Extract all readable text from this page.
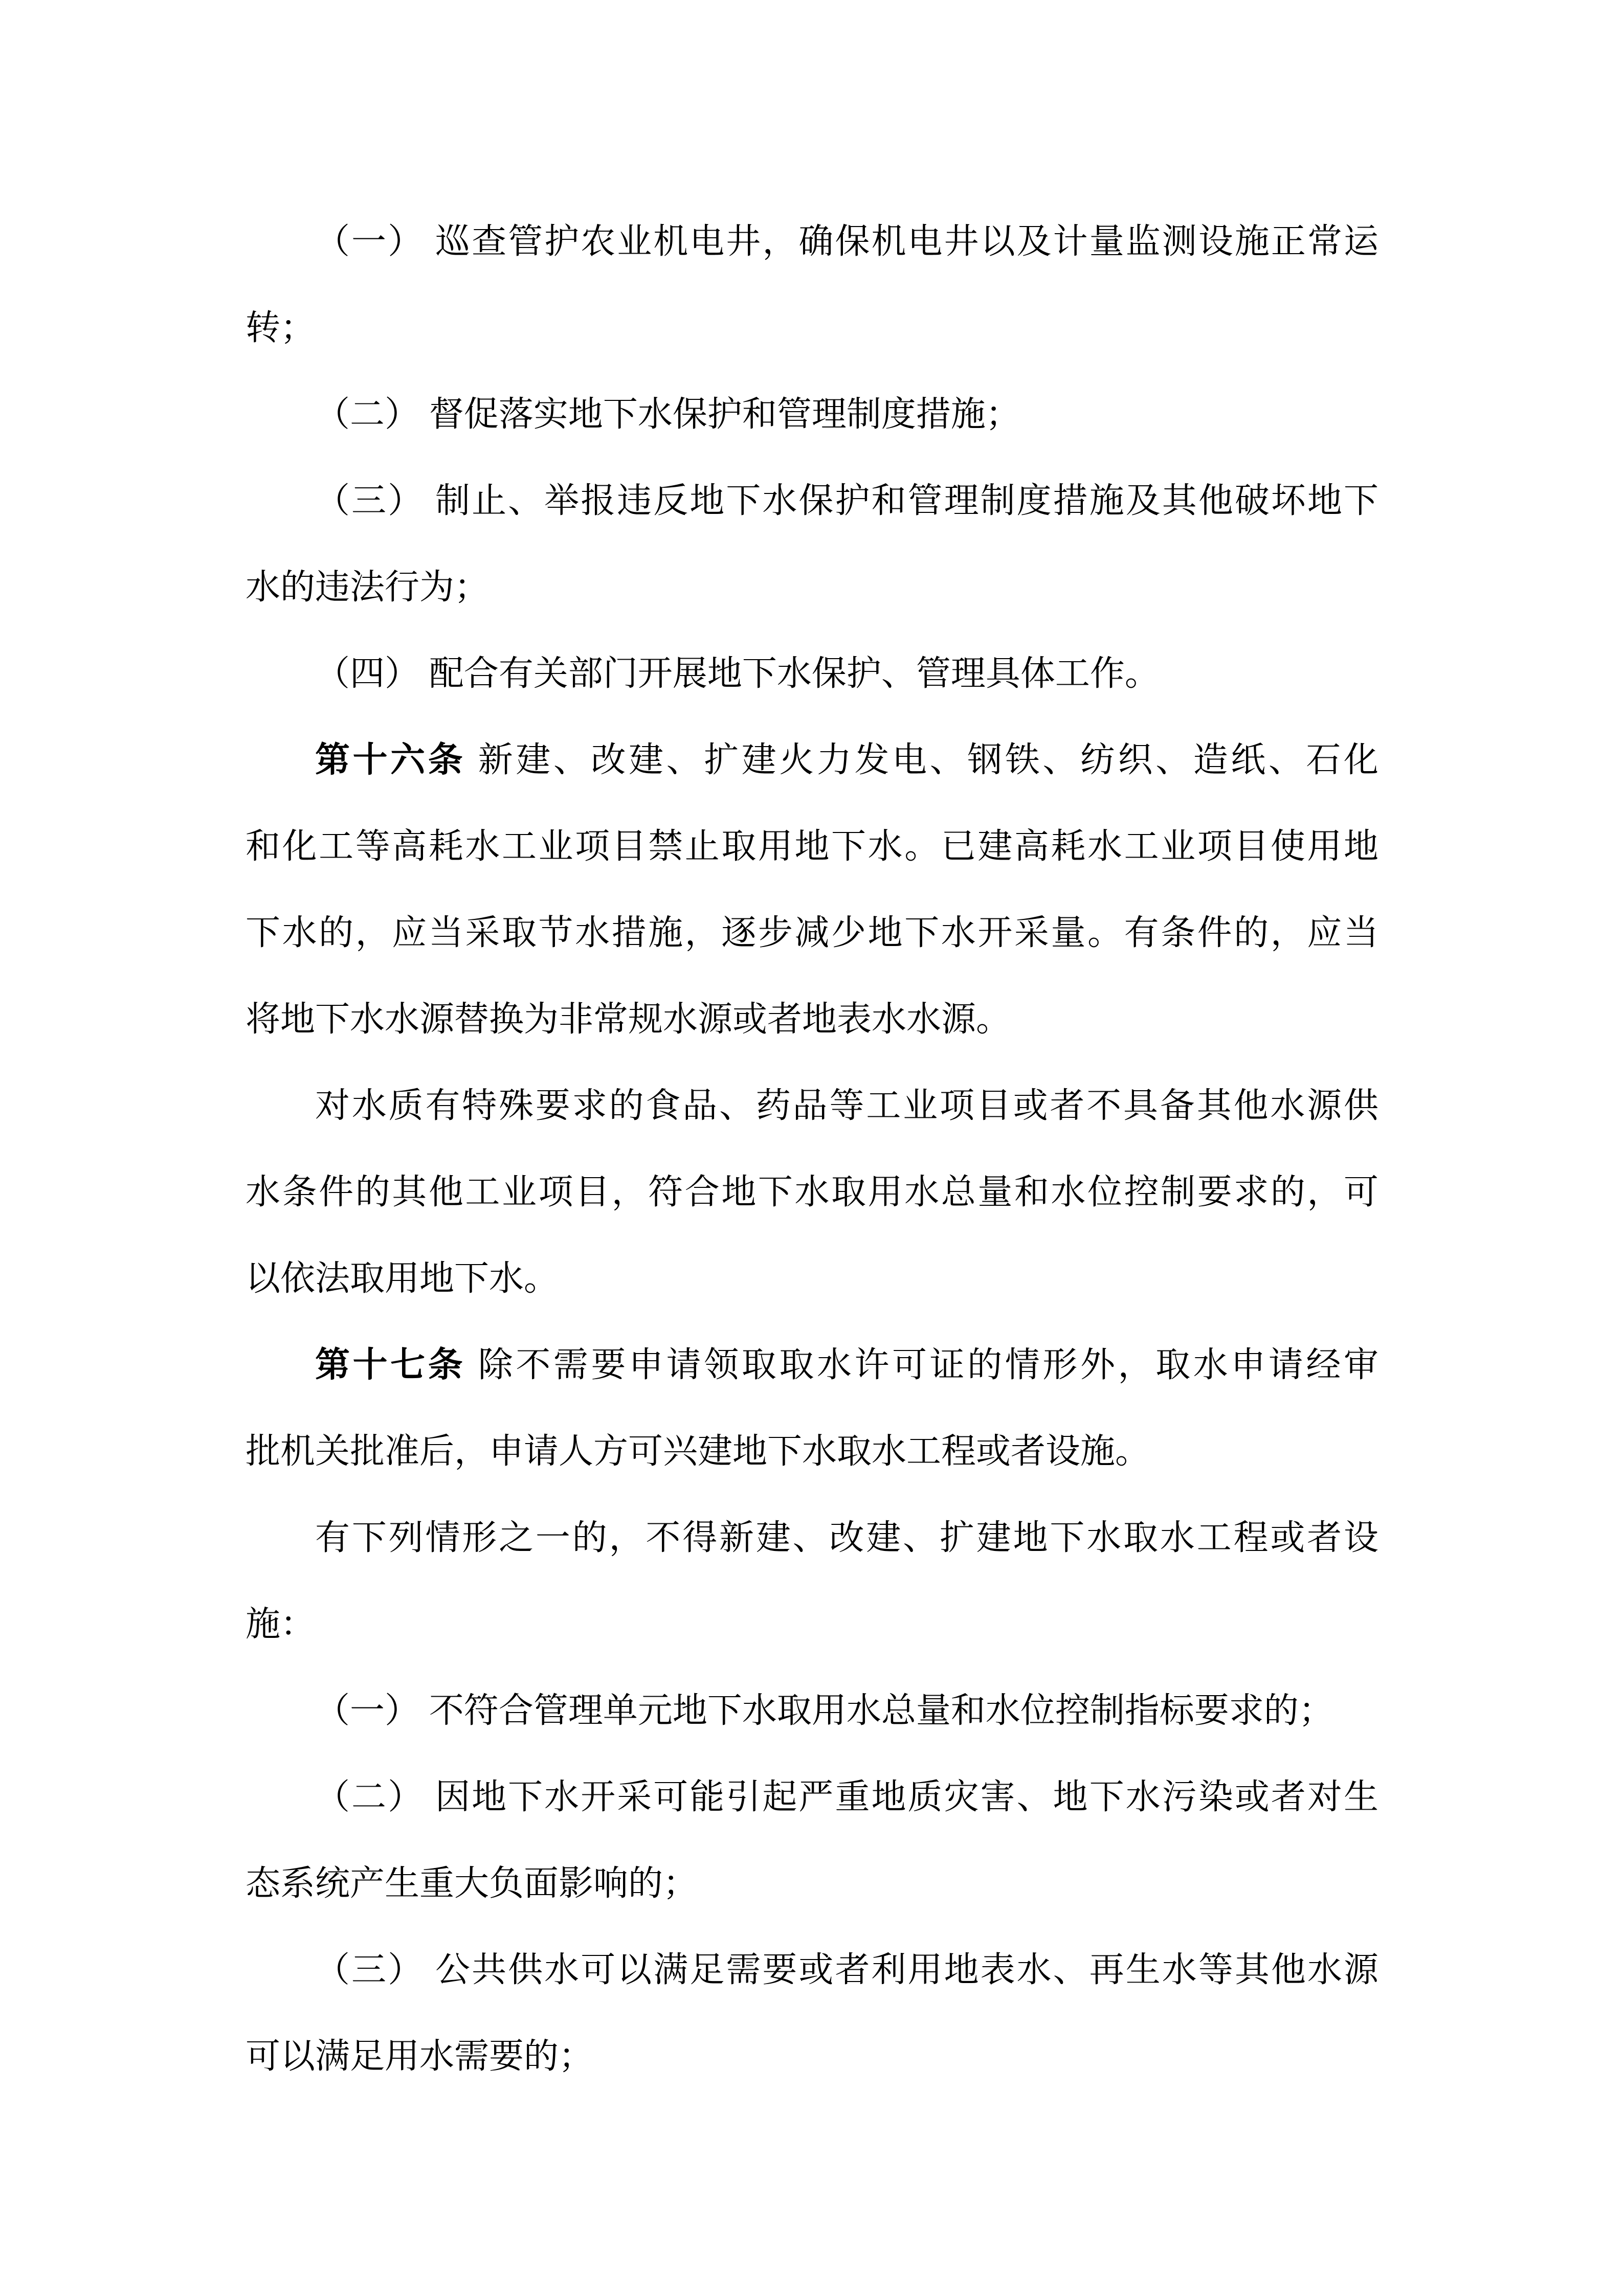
（一） 巡查管护农业机电井，确保机电井以及计量监测设施正常运
转；
（二） 督促落实地下水保护和管理制度措施；
（三） 制止、举报违反地下水保护和管理制度措施及其他破坏地下
水的违法行为；
（四） 配合有关部门开展地下水保护、管理具体工作。
第十六条 新建、改建、扩建火力发电、钢铁、纺织、造纸、石化
和化工等高耗水工业项目禁止取用地下水。已建高耗水工业项目使用地
下水的，应当采取节水措施，逐步减少地下水开采量。有条件的，应当
将地下水水源替换为非常规水源或者地表水水源。
对水质有特殊要求的食品、药品等工业项目或者不具备其他水源供
水条件的其他工业项目，符合地下水取用水总量和水位控制要求的，可
以依法取用地下水。
第十七条 除不需要申请领取取水许可证的情形外，取水申请经审
批机关批准后，申请人方可兴建地下水取水工程或者设施。
有下列情形之一的，不得新建、改建、扩建地下水取水工程或者设
施：
（一） 不符合管理单元地下水取用水总量和水位控制指标要求的；
（二） 因地下水开采可能引起严重地质灾害、地下水污染或者对生
态系统产生重大负面影响的；
（三） 公共供水可以满足需要或者利用地表水、再生水等其他水源
可以满足用水需要的；
